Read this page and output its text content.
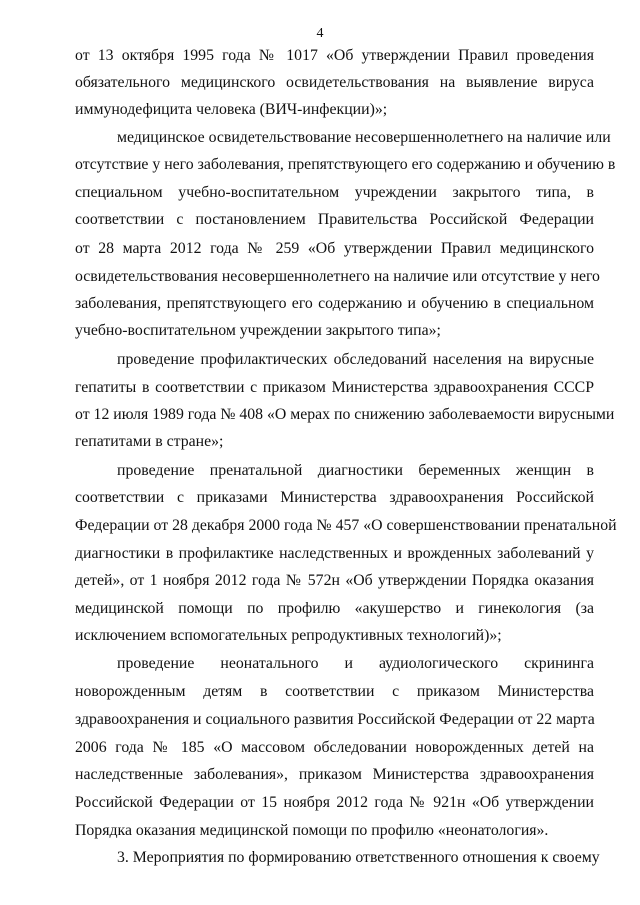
4
от 13 октября 1995 года № 1017 «Об утверждении Правил проведения
обязательного медицинского освидетельствования на выявление вируса
иммунодефицита человека (ВИЧ-инфекции)»;
медицинское освидетельствование несовершеннолетнего на наличие или
отсутствие у него заболевания, препятствующего его содержанию и обучению в
специальном учебно-воспитательном учреждении закрытого типа, в
соответствии с постановлением Правительства Российской Федерации
от 28 марта 2012 года № 259 «Об утверждении Правил медицинского
освидетельствования несовершеннолетнего на наличие или отсутствие у него
заболевания, препятствующего его содержанию и обучению в специальном
учебно-воспитательном учреждении закрытого типа»;
проведение профилактических обследований населения на вирусные
гепатиты в соответствии с приказом Министерства здравоохранения СССР
от 12 июля 1989 года № 408 «О мерах по снижению заболеваемости вирусными
гепатитами в стране»;
проведение пренатальной диагностики беременных женщин в
соответствии с приказами Министерства здравоохранения Российской
Федерации от 28 декабря 2000 года № 457 «О совершенствовании пренатальной
диагностики в профилактике наследственных и врожденных заболеваний у
детей», от 1 ноября 2012 года № 572н «Об утверждении Порядка оказания
медицинской помощи по профилю «акушерство и гинекология (за
исключением вспомогательных репродуктивных технологий)»;
проведение неонатального и аудиологического скрининга
новорожденным детям в соответствии с приказом Министерства
здравоохранения и социального развития Российской Федерации от 22 марта
2006 года № 185 «О массовом обследовании новорожденных детей на
наследственные заболевания», приказом Министерства здравоохранения
Российской Федерации от 15 ноября 2012 года № 921н «Об утверждении
Порядка оказания медицинской помощи по профилю «неонатология».
3. Мероприятия по формированию ответственного отношения к своему
